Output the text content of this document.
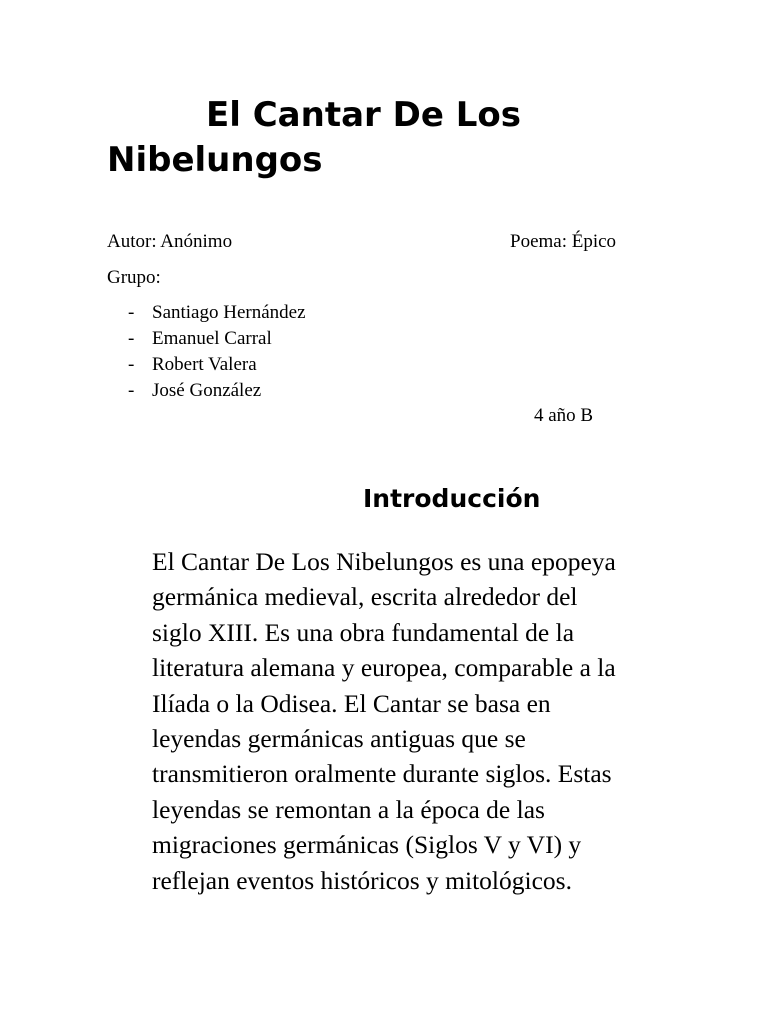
El Cantar De Los
Nibelungos
Autor: Anónimo	Poema: Épico
Grupo:
- Santiago Hernández
- Emanuel Carral
- Robert Valera
- José González
4 año B
Introducción
El Cantar De Los Nibelungos es una epopeya
germánica medieval, escrita alrededor del
siglo XIII. Es una obra fundamental de la
literatura alemana y europea, comparable a la
Ilíada o la Odisea. El Cantar se basa en
leyendas germánicas antiguas que se
transmitieron oralmente durante siglos. Estas
leyendas se remontan a la época de las
migraciones germánicas (Siglos V y VI) y
reflejan eventos históricos y mitológicos.
